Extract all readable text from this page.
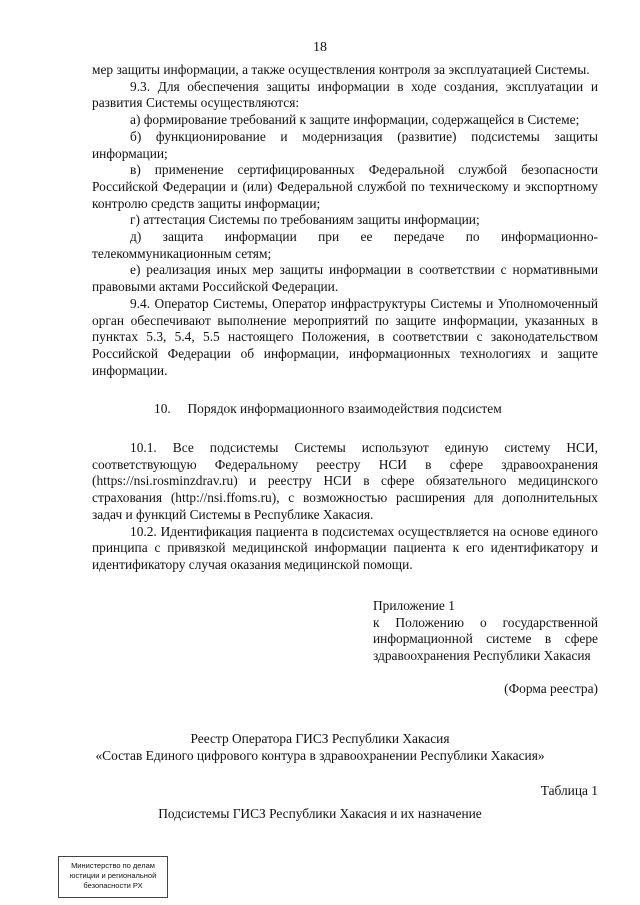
18

мер защиты информации, а также осуществления контроля за эксплуатацией Системы.

9.3. Для обеспечения защиты информации в ходе создания, эксплуатации и развития Системы осуществляются:

а) формирование требований к защите информации, содержащейся в Системе;

б) функционирование и модернизация (развитие) подсистемы защиты информации;

в) применение сертифицированных Федеральной службой безопасности Российской Федерации и (или) Федеральной службой по техническому и экспортному контролю средств защиты информации;

г) аттестация Системы по требованиям защиты информации;

д) защита информации при ее передаче по информационно-телекоммуникационным сетям;

е) реализация иных мер защиты информации в соответствии с нормативными правовыми актами Российской Федерации.

9.4. Оператор Системы, Оператор инфраструктуры Системы и Уполномоченный орган обеспечивают выполнение мероприятий по защите информации, указанных в пунктах 5.3, 5.4, 5.5 настоящего Положения, в соответствии с законодательством Российской Федерации об информации, информационных технологиях и защите информации.

10.     Порядок информационного взаимодействия подсистем

10.1. Все подсистемы Системы используют единую систему НСИ, соответствующую Федеральному реестру НСИ в сфере здравоохранения (https://nsi.rosminzdrav.ru) и реестру НСИ в сфере обязательного медицинского страхования (http://nsi.ffoms.ru), с возможностью расширения для дополнительных задач и функций Системы в Республике Хакасия.

10.2. Идентификация пациента в подсистемах осуществляется на основе единого принципа с привязкой медицинской информации пациента к его идентификатору и идентификатору случая оказания медицинской помощи.

Приложение 1

к Положению о государственной информационной системе в сфере здравоохранения Республики Хакасия

(Форма реестра)
Реестр Оператора ГИСЗ Республики Хакасия
«Состав Единого цифрового контура в здравоохранении Республики Хакасия»
Таблица 1
Подсистемы ГИСЗ Республики Хакасия и их назначение
Министерство по делам
юстиции и региональной
безопасности РХ
